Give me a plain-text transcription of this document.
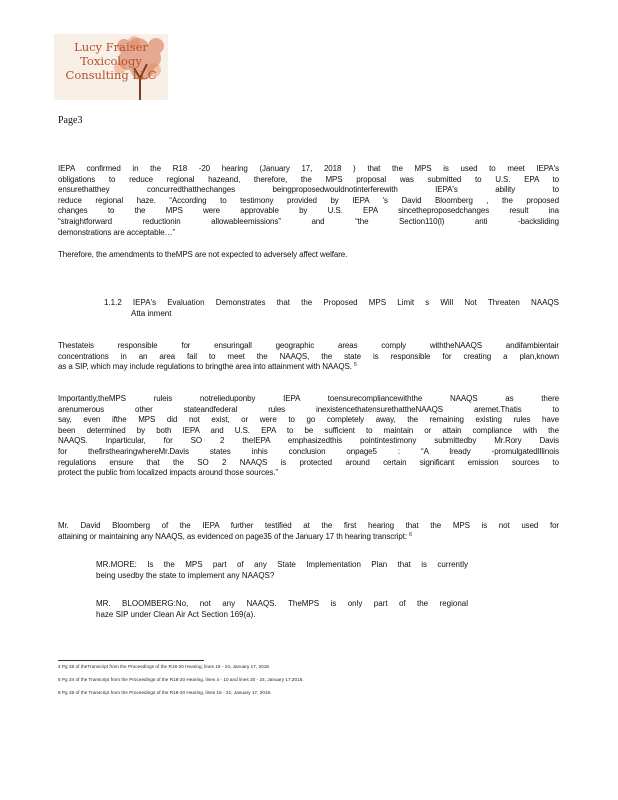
Lucy Fraiser
Toxicology
Consulting LLC
Page3
IEPA confirmed in the R18 -20 hearing (January 17, 2018 ) that the MPS is used to meet IEPA's
obligations to reduce regional hazeand, therefore, the MPS proposal was submitted to U.S. EPA to
ensurethatthey concurredthatthechanges beingproposedwouldnotinterferewith IEPA's ability to
reduce regional haze. “According to testimony provided by IEPA 's David Bloomberg , the proposed
changes to the MPS were approvable by U.S. EPA sincetheproposedchanges result ina
“straightforward reductionin allowableemissions” and “the Section110(l) anti -backsliding
demonstrations are acceptable…”
Therefore, the amendments to theMPS are not expected to adversely affect welfare.
1.1.2 IEPA's Evaluation Demonstrates that the Proposed MPS Limit s Will Not Threaten NAAQS
Atta inment
Thestateis responsible for ensuringall geographic areas comply withtheNAAQS andifambientair
concentrations in an area fail to meet the NAAQS, the state is responsible for creating a plan,known
as a SIP, which may include regulations to bringthe area into attainment with NAAQS. $^5$
Importantly,theMPS ruleis notrelieduponby IEPA toensurecompliancewiththe NAAQS as there
arenumerous other stateandfederal rules inexistencethatensurethattheNAAQS aremet.Thatis to
say, even ifthe MPS did not exist, or were to go completely away, the remaining existing rules have
been determined by both IEPA and U.S. EPA to be sufficient to maintain or attain compliance with the
NAAQS. Inparticular, for SO 2 theIEPA emphasizedthis pointintestimony submittedby Mr.Rory Davis
for thefirsthearingwhereMr.Davis states inhis conclusion onpage5 : “A lready -promulgatedIllinois
regulations ensure that the SO 2 NAAQS is protected around certain significant emission sources to
protect the public from localized impacts around those sources.”
Mr. David Bloomberg of the IEPA further testified at the first hearing that the MPS is not used for
attaining or maintaining any NAAQS, as evidenced on page35 of the January 17 th hearing transcript: $^6$
MR.MORE: Is the MPS part of any State Implementation Plan that is currently
being usedby the state to implement any NAAQS?
MR. BLOOMBERG:No, not any NAAQS. TheMPS is only part of the regional
haze SIP under Clean Air Act Section 169(a).
4 Pg 36 of theTranscript from the Proceedings of the R18-20 Hearing, lines 19 - 24, January 17, 2018.
5 Pg 34 of the Transcript from the Proceedings of the R18-20 Hearing, lines 4 - 10 and lines 20 - 24, January 17,2018.
6 Pg 35 of the Transcript from the Proceedings of the R18-20 Hearing, lines 16 - 21, January 17, 2018.
